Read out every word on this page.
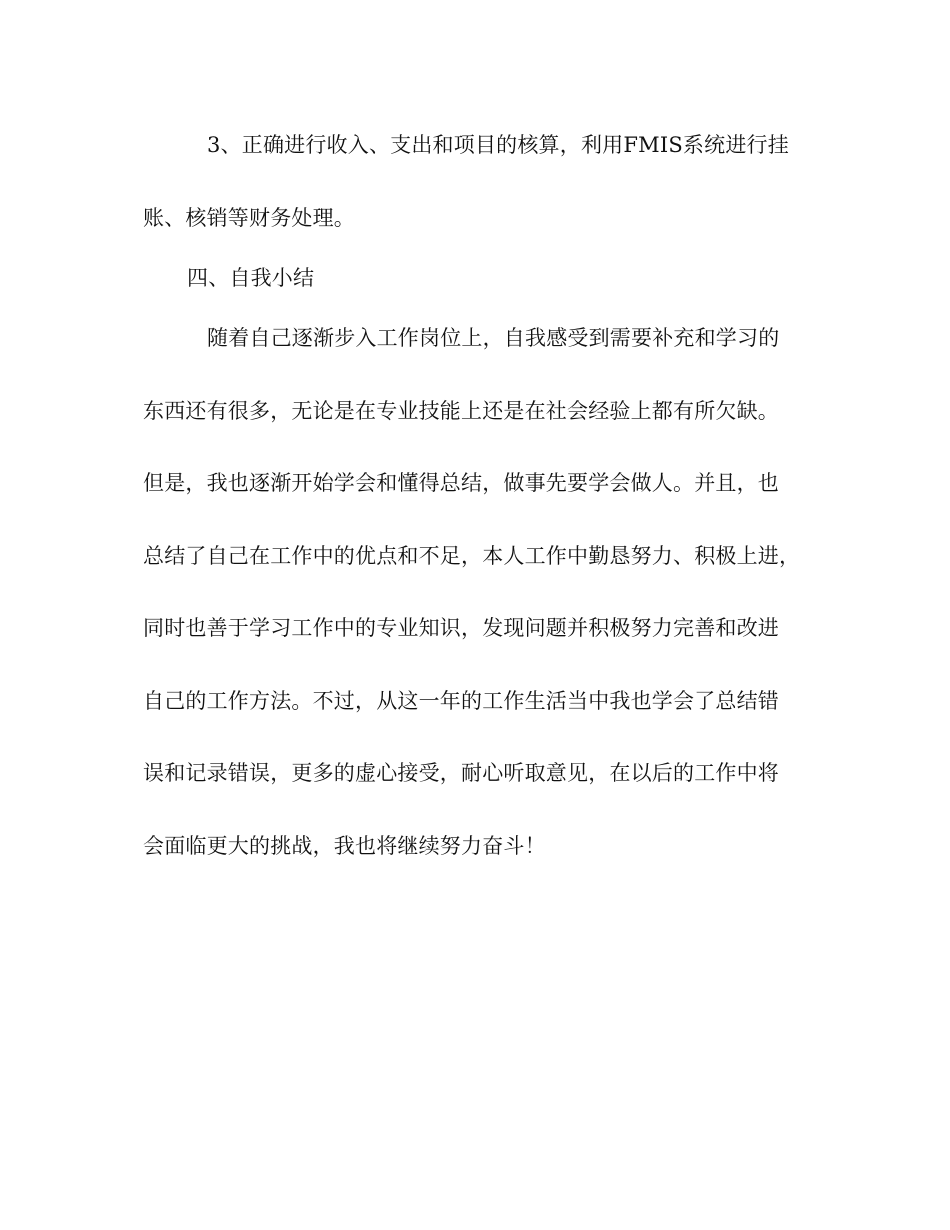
3、正确进行收入、支出和项目的核算，利用FMIS系统进行挂
账、核销等财务处理。
四、自我小结
随着自己逐渐步入工作岗位上，自我感受到需要补充和学习的
东西还有很多，无论是在专业技能上还是在社会经验上都有所欠缺。
但是，我也逐渐开始学会和懂得总结，做事先要学会做人。并且，也
总结了自己在工作中的优点和不足，本人工作中勤恳努力、积极上进，
同时也善于学习工作中的专业知识，发现问题并积极努力完善和改进
自己的工作方法。不过，从这一年的工作生活当中我也学会了总结错
误和记录错误，更多的虚心接受，耐心听取意见，在以后的工作中将
会面临更大的挑战，我也将继续努力奋斗！
